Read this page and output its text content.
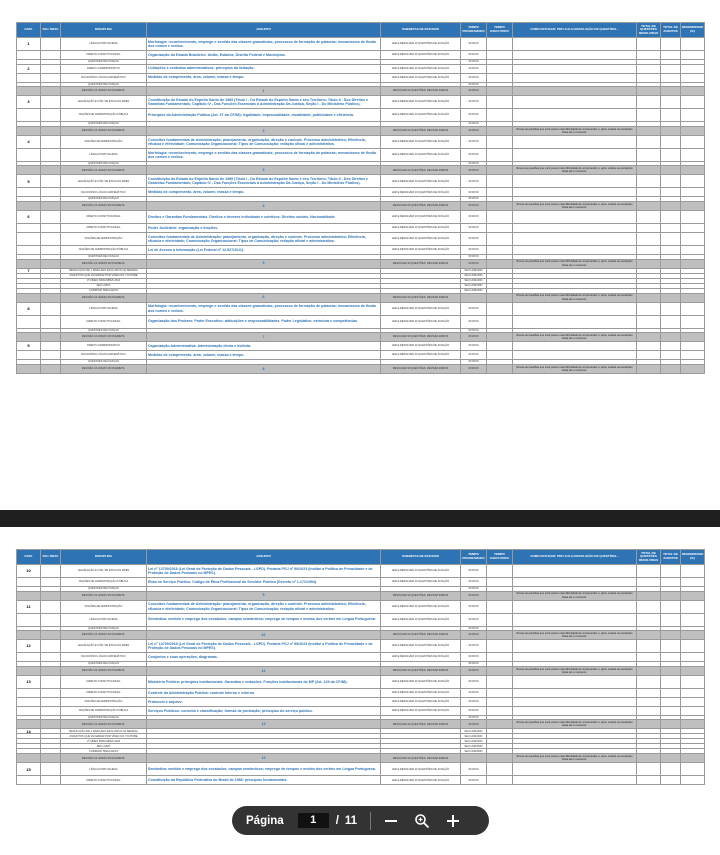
DATA	DIA / META	DISCIPLINA	ASSUNTO	SUBMETAS DE ESTUDOS	TEMPO PROGRAMADO	TEMPO EXECUTADO	COMO ESTUDAR: PDF/ AULA/ RESOLUÇÃO DE QUESTÕES...	TOTAL DE QUESTÕES RESOLVIDAS	TOTAL DE ACERTOS	DESEMPENHO (%)
1		LÍNGUA PORTUGUESA	Morfologia: reconhecimento, emprego e sentido das classes gramaticais; processos de formação de palavras; mecanismos de flexão dos nomes e verbos.	LER E RESOLVER 10 QUESTÕES DE FIXAÇÃO	00:30:00					
		DIREITO CONSTITUCIONAL	Organização do Estado Brasileiro: União, Estados, Distrito Federal e Municípios.	LER E RESOLVER 10 QUESTÕES DE FIXAÇÃO	00:30:00					
		QUESTÕES DE FIXAÇÃO			00:30:00					
2		DIREITO ADMINISTRATIVO	Licitações e contratos administrativos: princípios da licitação.	LER E RESOLVER 10 QUESTÕES DE FIXAÇÃO	00:30:00					
		RACIOCÍNIO LÓGICO-MATEMÁTICO	Medidas de comprimento, área, volume, massa e tempo.	LER E RESOLVER 10 QUESTÕES DE FIXAÇÃO	00:30:00					
		QUESTÕES DE FIXAÇÃO			00:30:00					
		REVISÃO 24 HORAS DO DIA/META:	1	RESOLVER 30 QUESTÕES, REVISAR ERROS	00:30:00					
3		LEGISLAÇÃO E CÓD. DE ÉTICA DO MPES	Constituição do Estado do Espírito Santo de 1989 (Título I - Do Estado do Espírito Santo e seu Território; Título II - Dos Direitos e Garantias Fundamentais; Capítulo IV - Das Funções Essenciais à Administração Da Justiça, Seção I - Do Ministério Público).	LER E RESOLVER 10 QUESTÕES DE FIXAÇÃO	00:30:00					
		NOÇÕES DE ADMINISTRAÇÃO PÚBLICA	Princípios da Administração Pública (Art. 37 da CF/88): legalidade, impessoalidade, moralidade, publicidade e eficiência.	LER E RESOLVER 10 QUESTÕES DE FIXAÇÃO	00:30:00					
		QUESTÕES DE FIXAÇÃO			00:30:00					
		REVISÃO 24 HORAS DO DIA/META:	2	RESOLVER 30 QUESTÕES, REVISAR ERROS	00:30:00		Revise as questões que você possui mais dificuldade de compreender e, após, analise as anotações feitas até o momento.			
4		NOÇÕES DE ADMINISTRAÇÃO	Conceitos fundamentais de Administração: planejamento, organização, direção e controle. Processo administrativo; Eficiência, eficácia e efetividade; Comunicação Organizacional: Tipos de Comunicação; redação oficial e administrativa.	LER E RESOLVER 10 QUESTÕES DE FIXAÇÃO	00:30:00					
		LÍNGUA PORTUGUESA	Morfologia: reconhecimento, emprego e sentido das classes gramaticais; processos de formação de palavras; mecanismos de flexão dos nomes e verbos.	LER E RESOLVER 10 QUESTÕES DE FIXAÇÃO	00:30:00					
		QUESTÕES DE FIXAÇÃO			00:30:00					
		REVISÃO 24 HORAS DO DIA/META:	3	RESOLVER 30 QUESTÕES, REVISAR ERROS	00:30:00		Revise as questões que você possui mais dificuldade de compreender e, após, analise as anotações feitas até o momento.			
5		LEGISLAÇÃO E CÓD. DE ÉTICA DO MPES	Constituição do Estado do Espírito Santo de 1989 (Título I - Do Estado do Espírito Santo e seu Território; Título II - Dos Direitos e Garantias Fundamentais; Capítulo IV - Das Funções Essenciais à Administração Da Justiça, Seção I - Do Ministério Público).	LER E RESOLVER 10 QUESTÕES DE FIXAÇÃO	00:30:00					
		RACIOCÍNIO LÓGICO-MATEMÁTICO	Medidas de comprimento, área, volume, massa e tempo.	LER E RESOLVER 10 QUESTÕES DE FIXAÇÃO	00:30:00					
		QUESTÕES DE FIXAÇÃO			00:30:00					
		REVISÃO 24 HORAS DO DIA/META:	4	RESOLVER 30 QUESTÕES, REVISAR ERROS	00:30:00		Revise as questões que você possui mais dificuldade de compreender e, após, analise as anotações feitas até o momento.			
6		DIREITO CONSTITUCIONAL	Direitos e Garantias Fundamentais. Direitos e deveres individuais e coletivos. Direitos sociais. Nacionalidade.	LER E RESOLVER 10 QUESTÕES DE FIXAÇÃO	00:30:00					
		DIREITO CONSTITUCIONAL	Poder Judiciário: organização e funções.	LER E RESOLVER 10 QUESTÕES DE FIXAÇÃO	00:30:00					
		NOÇÕES DE ADMINISTRAÇÃO	Conceitos fundamentais de Administração: planejamento, organização, direção e controle. Processo administrativo; Eficiência, eficácia e efetividade; Comunicação Organizacional: Tipos de Comunicação; redação oficial e administrativa.	LER E RESOLVER 10 QUESTÕES DE FIXAÇÃO	00:30:00					
		NOÇÕES DE ADMINISTRAÇÃO PÚBLICA	Lei de Acesso à Informação (Lei Federal nº 12.527/2011).	LER E RESOLVER 10 QUESTÕES DE FIXAÇÃO	00:30:00					
		QUESTÕES DE FIXAÇÃO			00:30:00					
		REVISÃO 24 HORAS DO DIA/META:	5	RESOLVER 30 QUESTÕES, REVISAR ERROS	00:30:00		Revise as questões que você possui mais dificuldade de compreender e, após, analise as anotações feitas até o momento.			
7		RESOLUÇÃO DE 1 SIMULADO EXCLUSIVO NA SEMANA			SEU HORÁRIO					
		ASSUNTOS QUE VAI ERRAR POR VÍDEO NO YOUTUBE			SEU HORÁRIO					
		VÍ VÍDEO PARA MPES 2024			SEU HORÁRIO					
		SEU LIVRO			SEU HORÁRIO					
		CORRIGIR SIMULADOS			SEU HORÁRIO					
		REVISÃO 24 HORAS DO DIA/META:	6	RESOLVER 30 QUESTÕES, REVISAR ERROS			Revise as questões que você possui mais dificuldade de compreender e, após, analise as anotações feitas até o momento.			
8		LÍNGUA PORTUGUESA	Morfologia: reconhecimento, emprego e sentido das classes gramaticais; processos de formação de palavras; mecanismos de flexão dos nomes e verbos.	LER E RESOLVER 10 QUESTÕES DE FIXAÇÃO	00:30:00					
		DIREITO CONSTITUCIONAL	Organização dos Poderes: Poder Executivo: atribuições e responsabilidades. Poder Legislativo: estrutura e competências.	LER E RESOLVER 10 QUESTÕES DE FIXAÇÃO	00:30:00					
		QUESTÕES DE FIXAÇÃO			00:30:00					
		REVISÃO 24 HORAS DO DIA/META:	7	RESOLVER 30 QUESTÕES, REVISAR ERROS	00:30:00		Revise as questões que você possui mais dificuldade de compreender e, após, analise as anotações feitas até o momento.			
9		DIREITO ADMINISTRATIVO	Organização Administrativa: Administração direta e indireta.	LER E RESOLVER 10 QUESTÕES DE FIXAÇÃO	00:30:00					
		RACIOCÍNIO LÓGICO-MATEMÁTICO	Medidas de comprimento, área, volume, massa e tempo.	LER E RESOLVER 10 QUESTÕES DE FIXAÇÃO	00:30:00					
		QUESTÕES DE FIXAÇÃO			00:30:00					
		REVISÃO 24 HORAS DO DIA/META:	8	RESOLVER 30 QUESTÕES, REVISAR ERROS	00:30:00		Revise as questões que você possui mais dificuldade de compreender e, após, analise as anotações feitas até o momento.			
DATA	DIA / META	DISCIPLINA	ASSUNTO	SUBMETAS DE ESTUDOS	TEMPO PROGRAMADO	TEMPO EXECUTADO	COMO ESTUDAR: PDF/ AULA/ RESOLUÇÃO DE QUESTÕES...	TOTAL DE QUESTÕES RESOLVIDAS	TOTAL DE ACERTOS	DESEMPENHO (%)
10		LEGISLAÇÃO E CÓD. DE ÉTICA DO MPES	Lei nº 13709/2018 (Lei Geral de Proteção de Dados Pessoais - LGPD). Portaria PGJ nº 89/2023 (Institui a Política de Privacidade e de Proteção de Dados Pessoais no MPES).	LER E RESOLVER 10 QUESTÕES DE FIXAÇÃO	00:30:00					
		NOÇÕES DE ADMINISTRAÇÃO PÚBLICA	Ética no Serviço Público: Código de Ética Profissional do Servidor Público (Decreto nº 1.171/1994).	LER E RESOLVER 10 QUESTÕES DE FIXAÇÃO	00:30:00					
		QUESTÕES DE FIXAÇÃO			00:30:00					
		REVISÃO 24 HORAS DO DIA/META:	9	RESOLVER 30 QUESTÕES, REVISAR ERROS	00:30:00		Revise as questões que você possui mais dificuldade de compreender e, após, analise as anotações feitas até o momento.			
11		NOÇÕES DE ADMINISTRAÇÃO	Conceitos fundamentais de Administração: planejamento, organização, direção e controle. Processo administrativo; Eficiência, eficácia e efetividade; Comunicação Organizacional: Tipos de Comunicação; redação oficial e administrativa.	LER E RESOLVER 10 QUESTÕES DE FIXAÇÃO	00:30:00					
		LÍNGUA PORTUGUESA	Semântica: sentido e emprego dos vocábulos; campos semânticos; emprego de tempos e modos dos verbos em Língua Portuguesa.	LER E RESOLVER 10 QUESTÕES DE FIXAÇÃO	00:30:00					
		QUESTÕES DE FIXAÇÃO			00:30:00					
		REVISÃO 24 HORAS DO DIA/META:	10	RESOLVER 30 QUESTÕES, REVISAR ERROS	00:30:00		Revise as questões que você possui mais dificuldade de compreender e, após, analise as anotações feitas até o momento.			
12		LEGISLAÇÃO E CÓD. DE ÉTICA DO MPES	Lei nº 13709/2018 (Lei Geral de Proteção de Dados Pessoais - LGPD). Portaria PGJ nº 89/2023 (Institui a Política de Privacidade e de Proteção de Dados Pessoais no MPES).	LER E RESOLVER 10 QUESTÕES DE FIXAÇÃO	00:30:00					
		RACIOCÍNIO LÓGICO-MATEMÁTICO	Conjuntos e suas operações, diagramas.	LER E RESOLVER 10 QUESTÕES DE FIXAÇÃO	00:30:00					
		QUESTÕES DE FIXAÇÃO			00:30:00					
		REVISÃO 24 HORAS DO DIA/META:	11	RESOLVER 30 QUESTÕES, REVISAR ERROS	00:30:00		Revise as questões que você possui mais dificuldade de compreender e, após, analise as anotações feitas até o momento.			
13		DIREITO CONSTITUCIONAL	Ministério Público: princípios institucionais. Garantias e vedações. Funções institucionais do MP (Art. 129 da CF/88).	LER E RESOLVER 10 QUESTÕES DE FIXAÇÃO	00:30:00					
		DIREITO CONSTITUCIONAL	Controle da Administração Pública: controle interno e externo.	LER E RESOLVER 10 QUESTÕES DE FIXAÇÃO	00:30:00					
		NOÇÕES DE ADMINISTRAÇÃO	Protocolo e arquivo.	LER E RESOLVER 10 QUESTÕES DE FIXAÇÃO	00:30:00					
		NOÇÕES DE ADMINISTRAÇÃO PÚBLICA	Serviços Públicos: conceito e classificação; formas de prestação; princípios do serviço público.	LER E RESOLVER 10 QUESTÕES DE FIXAÇÃO	00:30:00					
		QUESTÕES DE FIXAÇÃO			00:30:00					
		REVISÃO 24 HORAS DO DIA/META:	12	RESOLVER 30 QUESTÕES, REVISAR ERROS	00:30:00		Revise as questões que você possui mais dificuldade de compreender e, após, analise as anotações feitas até o momento.			
14		RESOLUÇÃO DE 1 SIMULADO EXCLUSIVO NA SEMANA			SEU HORÁRIO					
		ASSUNTOS QUE VAI ERRAR POR VÍDEO NO YOUTUBE			SEU HORÁRIO					
		VÍ VÍDEO PARA MPES 2024			SEU HORÁRIO					
		SEU LIVRO			SEU HORÁRIO					
		CORRIGIR SIMULADOS			SEU HORÁRIO					
		REVISÃO 24 HORAS DO DIA/META:	13	RESOLVER 30 QUESTÕES, REVISAR ERROS			Revise as questões que você possui mais dificuldade de compreender e, após, analise as anotações feitas até o momento.			
15		LÍNGUA PORTUGUESA	Semântica: sentido e emprego dos vocábulos; campos semânticos; emprego de tempos e modos dos verbos em Língua Portuguesa.	LER E RESOLVER 10 QUESTÕES DE FIXAÇÃO	00:30:00					
		DIREITO CONSTITUCIONAL	Constituição da República Federativa do Brasil de 1988: princípios fundamentais.	LER E RESOLVER 10 QUESTÕES DE FIXAÇÃO	00:30:00					
Página	1	/ 11
